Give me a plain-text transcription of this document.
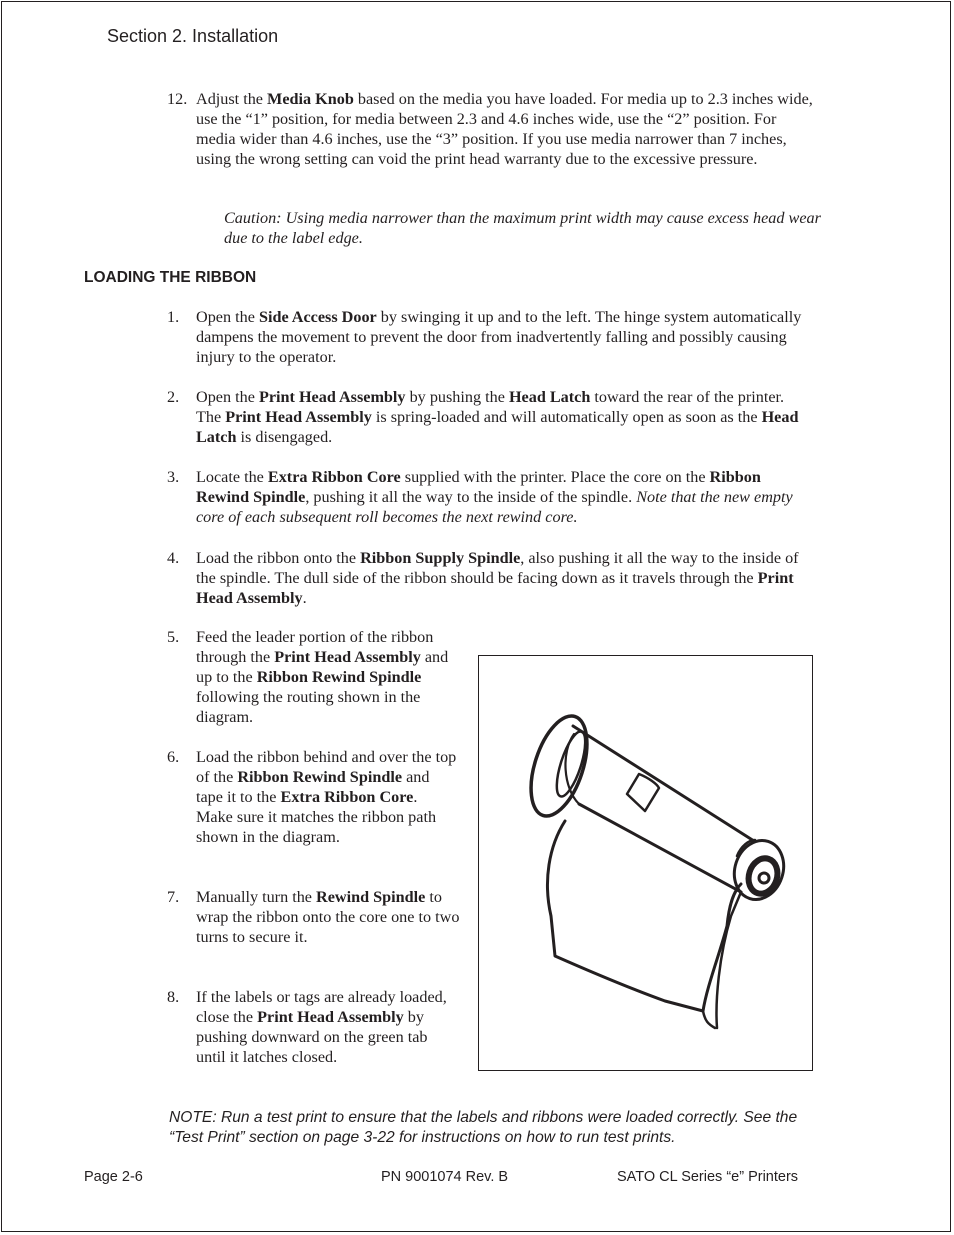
Section 2. Installation
12. Adjust the Media Knob based on the media you have loaded. For media up to 2.3 inches wide, use the “1” position, for media between 2.3 and 4.6 inches wide, use the “2” position. For media wider than 4.6 inches, use the “3” position. If you use media narrower than 7 inches, using the wrong setting can void the print head warranty due to the excessive pressure.
Caution: Using media narrower than the maximum print width may cause excess head wear due to the label edge.
LOADING THE RIBBON
1. Open the Side Access Door by swinging it up and to the left. The hinge system automatically dampens the movement to prevent the door from inadvertently falling and possibly causing injury to the operator.
2. Open the Print Head Assembly by pushing the Head Latch toward the rear of the printer. The Print Head Assembly is spring-loaded and will automatically open as soon as the Head Latch is disengaged.
3. Locate the Extra Ribbon Core supplied with the printer. Place the core on the Ribbon Rewind Spindle, pushing it all the way to the inside of the spindle. Note that the new empty core of each subsequent roll becomes the next rewind core.
4. Load the ribbon onto the Ribbon Supply Spindle, also pushing it all the way to the inside of the spindle. The dull side of the ribbon should be facing down as it travels through the Print Head Assembly.
5. Feed the leader portion of the ribbon through the Print Head Assembly and up to the Ribbon Rewind Spindle following the routing shown in the diagram.
6. Load the ribbon behind and over the top of the Ribbon Rewind Spindle and tape it to the Extra Ribbon Core. Make sure it matches the ribbon path shown in the diagram.
7. Manually turn the Rewind Spindle to wrap the ribbon onto the core one to two turns to secure it.
8. If the labels or tags are already loaded, close the Print Head Assembly by pushing downward on the green tab until it latches closed.
NOTE: Run a test print to ensure that the labels and ribbons were loaded correctly. See the “Test Print” section on page 3-22 for instructions on how to run test prints.
Page 2-6	PN 9001074 Rev. B	SATO CL Series “e” Printers
